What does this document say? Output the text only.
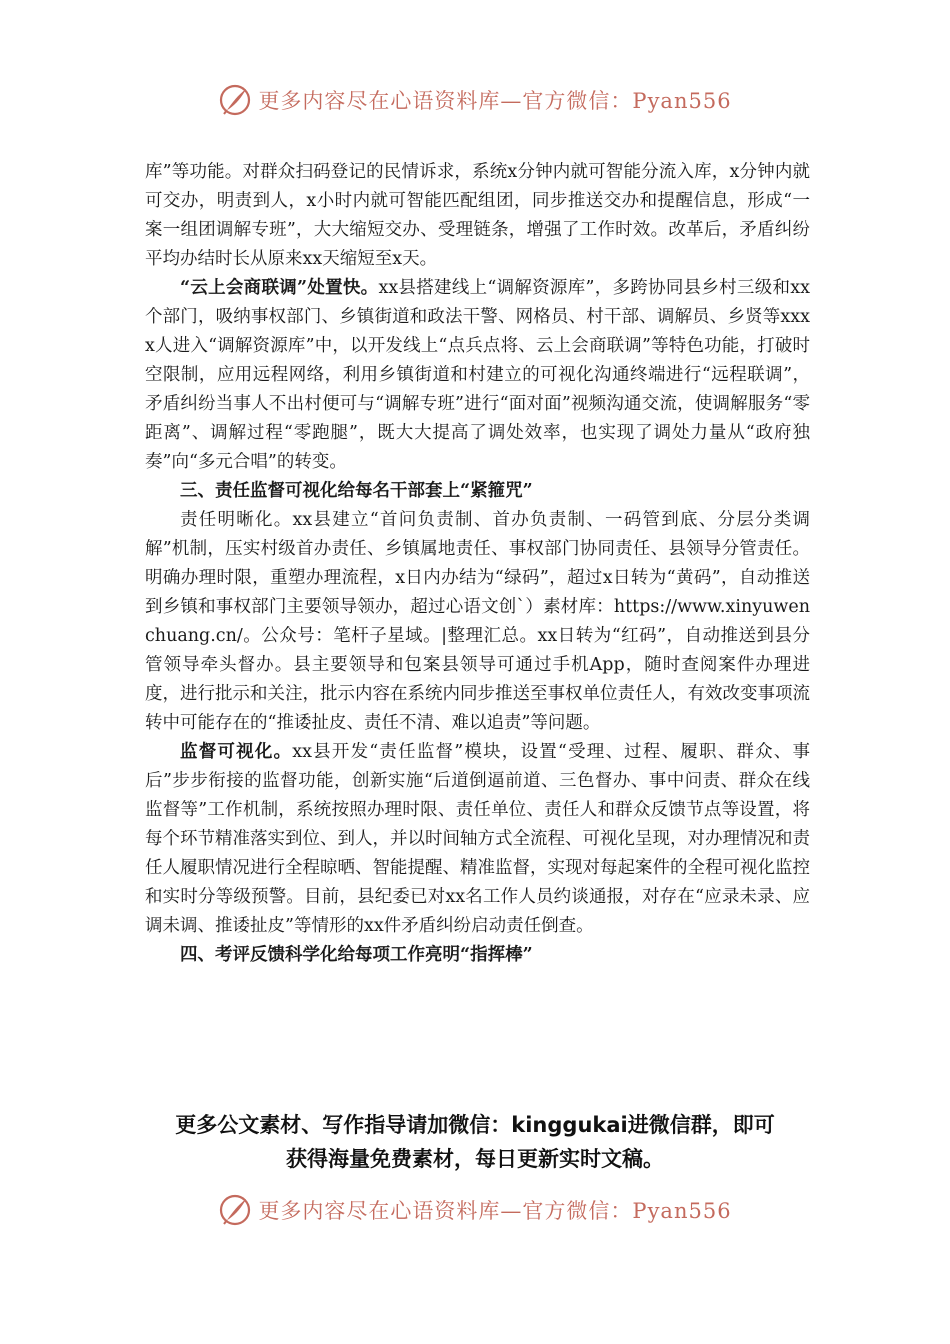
更多内容尽在心语资料库—官方微信：Pyan556

库”等功能。对群众扫码登记的民情诉求，系统x分钟内就可智能分流入库，x分钟内就可交办，明责到人，x小时内就可智能匹配组团，同步推送交办和提醒信息，形成“一案一组团调解专班”，大大缩短交办、受理链条，增强了工作时效。改革后，矛盾纠纷平均办结时长从原来xx天缩短至x天。

“云上会商联调”处置快。xx县搭建线上“调解资源库”，多跨协同县乡村三级和xx个部门，吸纳事权部门、乡镇街道和政法干警、网格员、村干部、调解员、乡贤等xxxx人进入“调解资源库”中，以开发线上“点兵点将、云上会商联调”等特色功能，打破时空限制，应用远程网络，利用乡镇街道和村建立的可视化沟通终端进行“远程联调”，矛盾纠纷当事人不出村便可与“调解专班”进行“面对面”视频沟通交流，使调解服务“零距离”、调解过程“零跑腿”，既大大提高了调处效率，也实现了调处力量从“政府独奏”向“多元合唱”的转变。

三、责任监督可视化给每名干部套上“紧箍咒”

责任明晰化。xx县建立“首问负责制、首办负责制、一码管到底、分层分类调解”机制，压实村级首办责任、乡镇属地责任、事权部门协同责任、县领导分管责任。明确办理时限，重塑办理流程，x日内办结为“绿码”，超过x日转为“黄码”，自动推送到乡镇和事权部门主要领导领办，超过心语文创`）素材库：https://www.xinyuwenchuang.cn/。公众号：笔杆子星域。|整理汇总。xx日转为“红码”，自动推送到县分管领导牵头督办。县主要领导和包案县领导可通过手机App，随时查阅案件办理进度，进行批示和关注，批示内容在系统内同步推送至事权单位责任人，有效改变事项流转中可能存在的“推诿扯皮、责任不清、难以追责”等问题。

监督可视化。xx县开发“责任监督”模块，设置“受理、过程、履职、群众、事后”步步衔接的监督功能，创新实施“后道倒逼前道、三色督办、事中问责、群众在线监督等”工作机制，系统按照办理时限、责任单位、责任人和群众反馈节点等设置，将每个环节精准落实到位、到人，并以时间轴方式全流程、可视化呈现，对办理情况和责任人履职情况进行全程晾晒、智能提醒、精准监督，实现对每起案件的全程可视化监控和实时分等级预警。目前，县纪委已对xx名工作人员约谈通报，对存在“应录未录、应调未调、推诿扯皮”等情形的xx件矛盾纠纷启动责任倒查。

四、考评反馈科学化给每项工作亮明“指挥棒”

更多公文素材、写作指导请加微信：kinggukai进微信群，即可
获得海量免费素材，每日更新实时文稿。
更多内容尽在心语资料库—官方微信：Pyan556
